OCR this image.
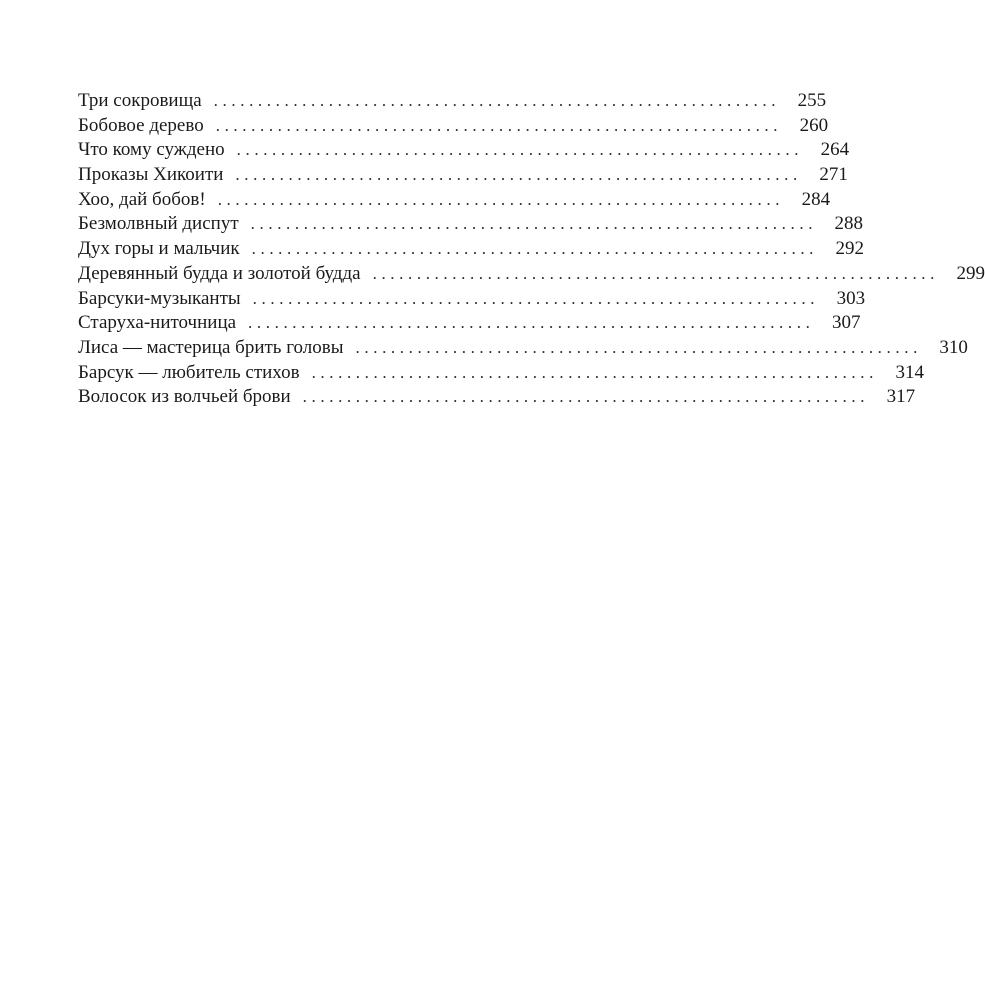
Три сокровища ................................................................ 255
Бобовое дерево ................................................................ 260
Что кому суждено ................................................................ 264
Проказы Хикоити ................................................................ 271
Хоо, дай бобов! ................................................................ 284
Безмолвный диспут ................................................................ 288
Дух горы и мальчик ................................................................ 292
Деревянный будда и золотой будда ................................................................ 299
Барсуки-музыканты ................................................................ 303
Старуха-ниточница ................................................................ 307
Лиса — мастерица брить головы ................................................................ 310
Барсук — любитель стихов ................................................................ 314
Волосок из волчьей брови ................................................................ 317
